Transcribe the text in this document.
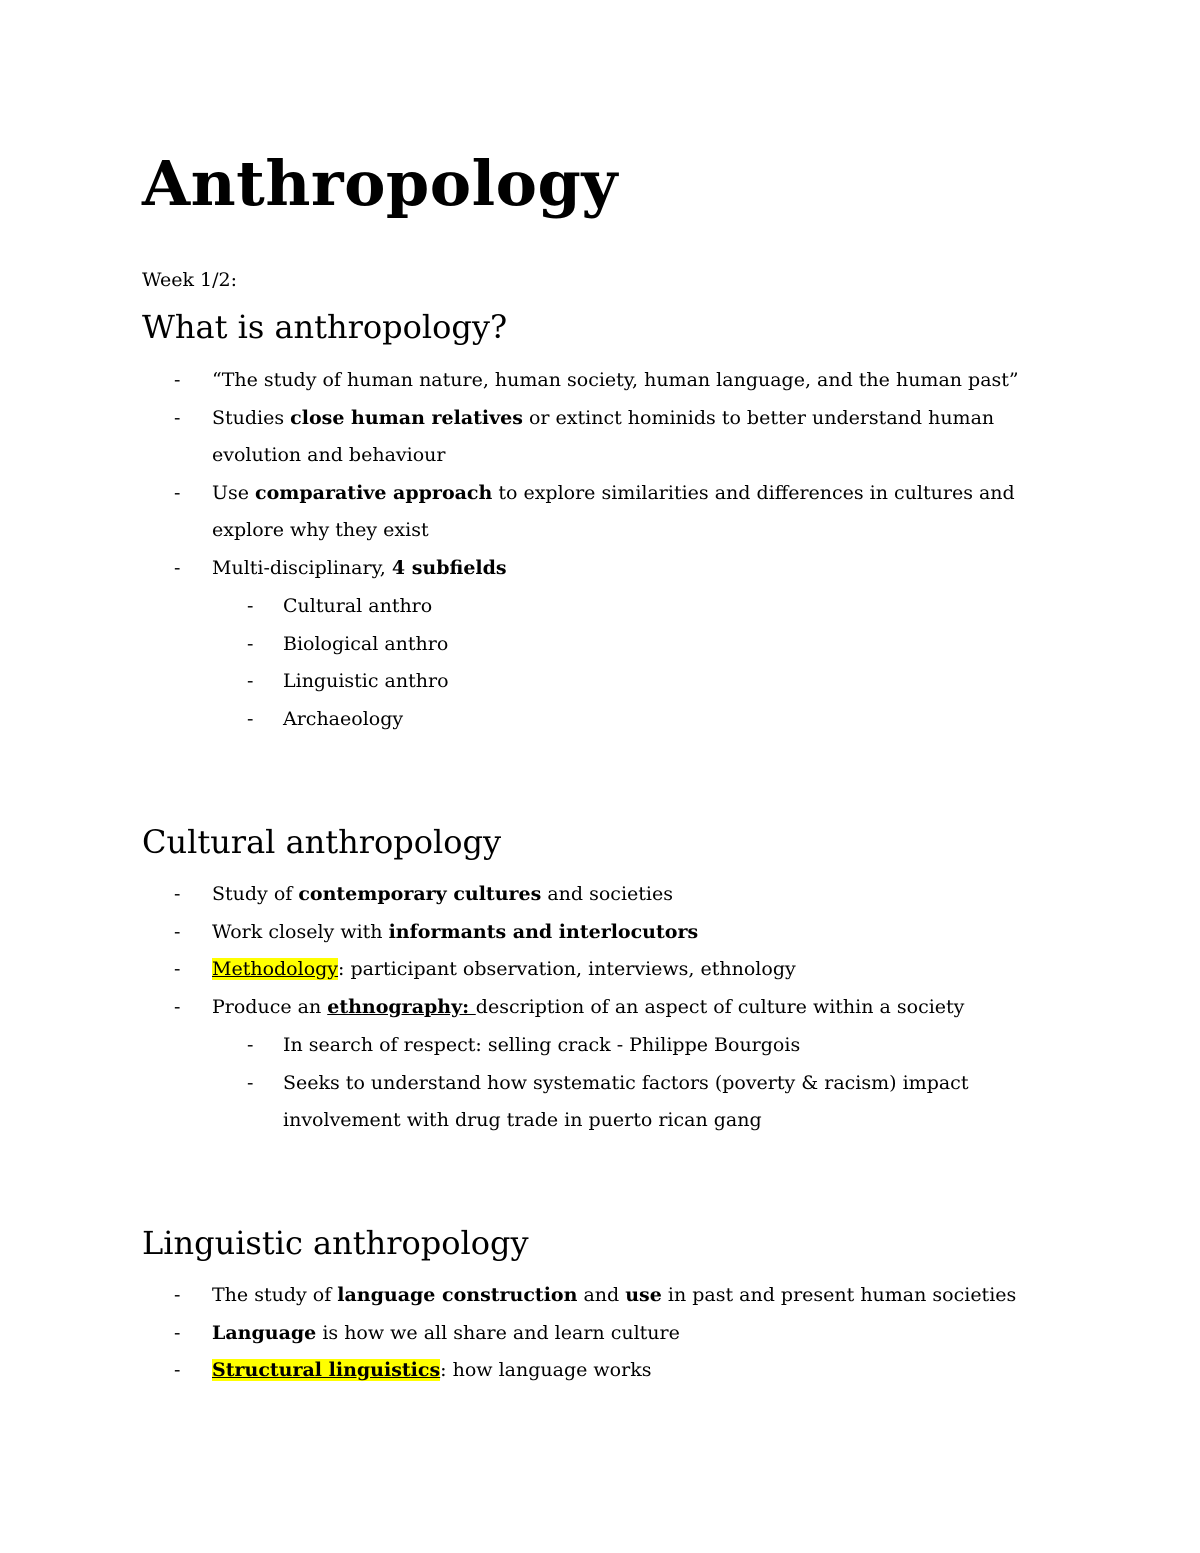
Anthropology

Week 1/2:

What is anthropology?
- “The study of human nature, human society, human language, and the human past”
- Studies close human relatives or extinct hominids to better understand human
evolution and behaviour
- Use comparative approach to explore similarities and differences in cultures and
explore why they exist
- Multi-disciplinary, 4 subfields
- Cultural anthro
- Biological anthro
- Linguistic anthro
- Archaeology
Cultural anthropology
- Study of contemporary cultures and societies
- Work closely with informants and interlocutors
- Methodology: participant observation, interviews, ethnology
- Produce an ethnography: description of an aspect of culture within a society
- In search of respect: selling crack - Philippe Bourgois
- Seeks to understand how systematic factors (poverty & racism) impact
involvement with drug trade in puerto rican gang
Linguistic anthropology
- The study of language construction and use in past and present human societies
- Language is how we all share and learn culture
- Structural linguistics: how language works
